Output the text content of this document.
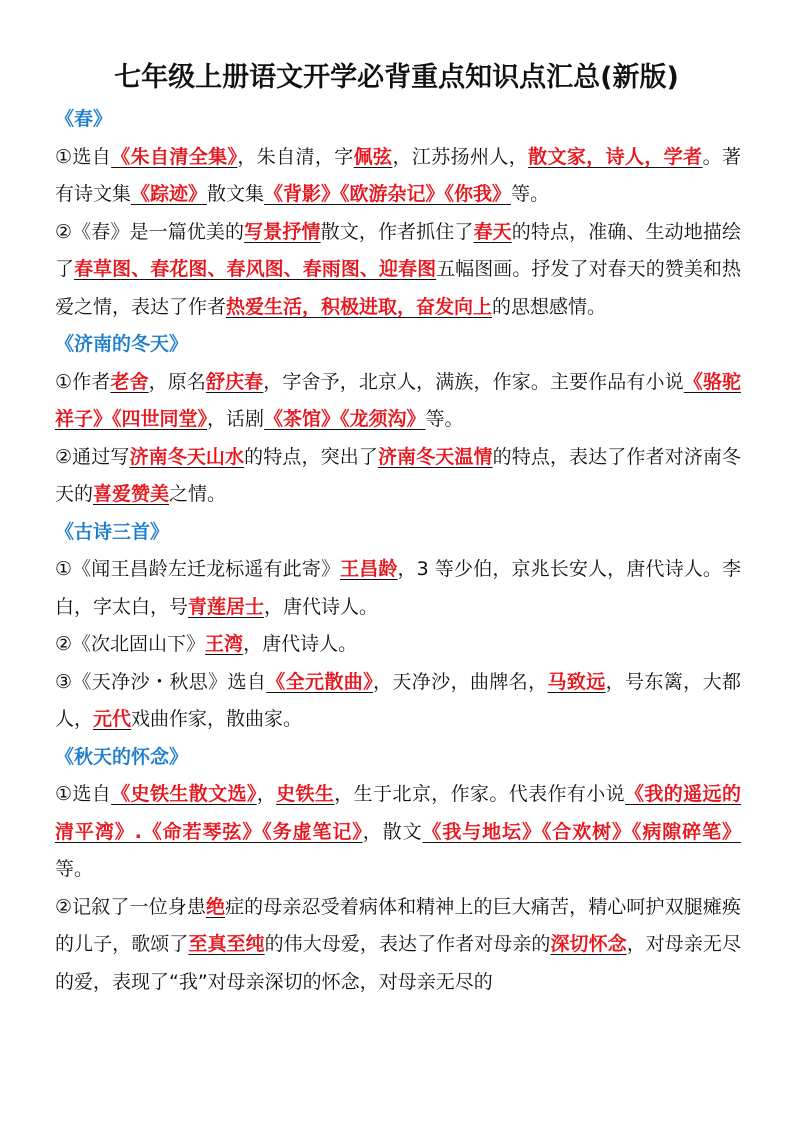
七年级上册语文开学必背重点知识点汇总(新版)
《春》
①选自《朱自清全集》，朱自清，字佩弦，江苏扬州人，散文家，诗人，学者。著有诗文集《踪迹》散文集《背影》《欧游杂记》《你我》等。
②《春》是一篇优美的写景抒情散文，作者抓住了春天的特点，准确、生动地描绘了春草图、春花图、春风图、春雨图、迎春图五幅图画。抒发了对春天的赞美和热爱之情，表达了作者热爱生活，积极进取，奋发向上的思想感情。
《济南的冬天》
①作者老舍，原名舒庆春，字舍予，北京人，满族，作家。主要作品有小说《骆驼祥子》《四世同堂》，话剧《茶馆》《龙须沟》等。
②通过写济南冬天山水的特点，突出了济南冬天温情的特点，表达了作者对济南冬天的喜爱赞美之情。
《古诗三首》
①《闻王昌龄左迁龙标遥有此寄》王昌龄，3 等少伯，京兆长安人，唐代诗人。李白，字太白，号青莲居士，唐代诗人。
②《次北固山下》王湾，唐代诗人。
③《天净沙・秋思》选自《全元散曲》，天净沙，曲牌名，马致远，号东篱，大都人，元代戏曲作家，散曲家。
《秋天的怀念》
①选自《史铁生散文选》，史铁生，生于北京，作家。代表作有小说《我的遥远的清平湾》.《命若琴弦》《务虚笔记》，散文《我与地坛》《合欢树》《病隙碎笔》等。
②记叙了一位身患绝症的母亲忍受着病体和精神上的巨大痛苦，精心呵护双腿瘫痪的儿子，歌颂了至真至纯的伟大母爱，表达了作者对母亲的深切怀念，对母亲无尽的爱，表现了“我”对母亲深切的怀念，对母亲无尽的
